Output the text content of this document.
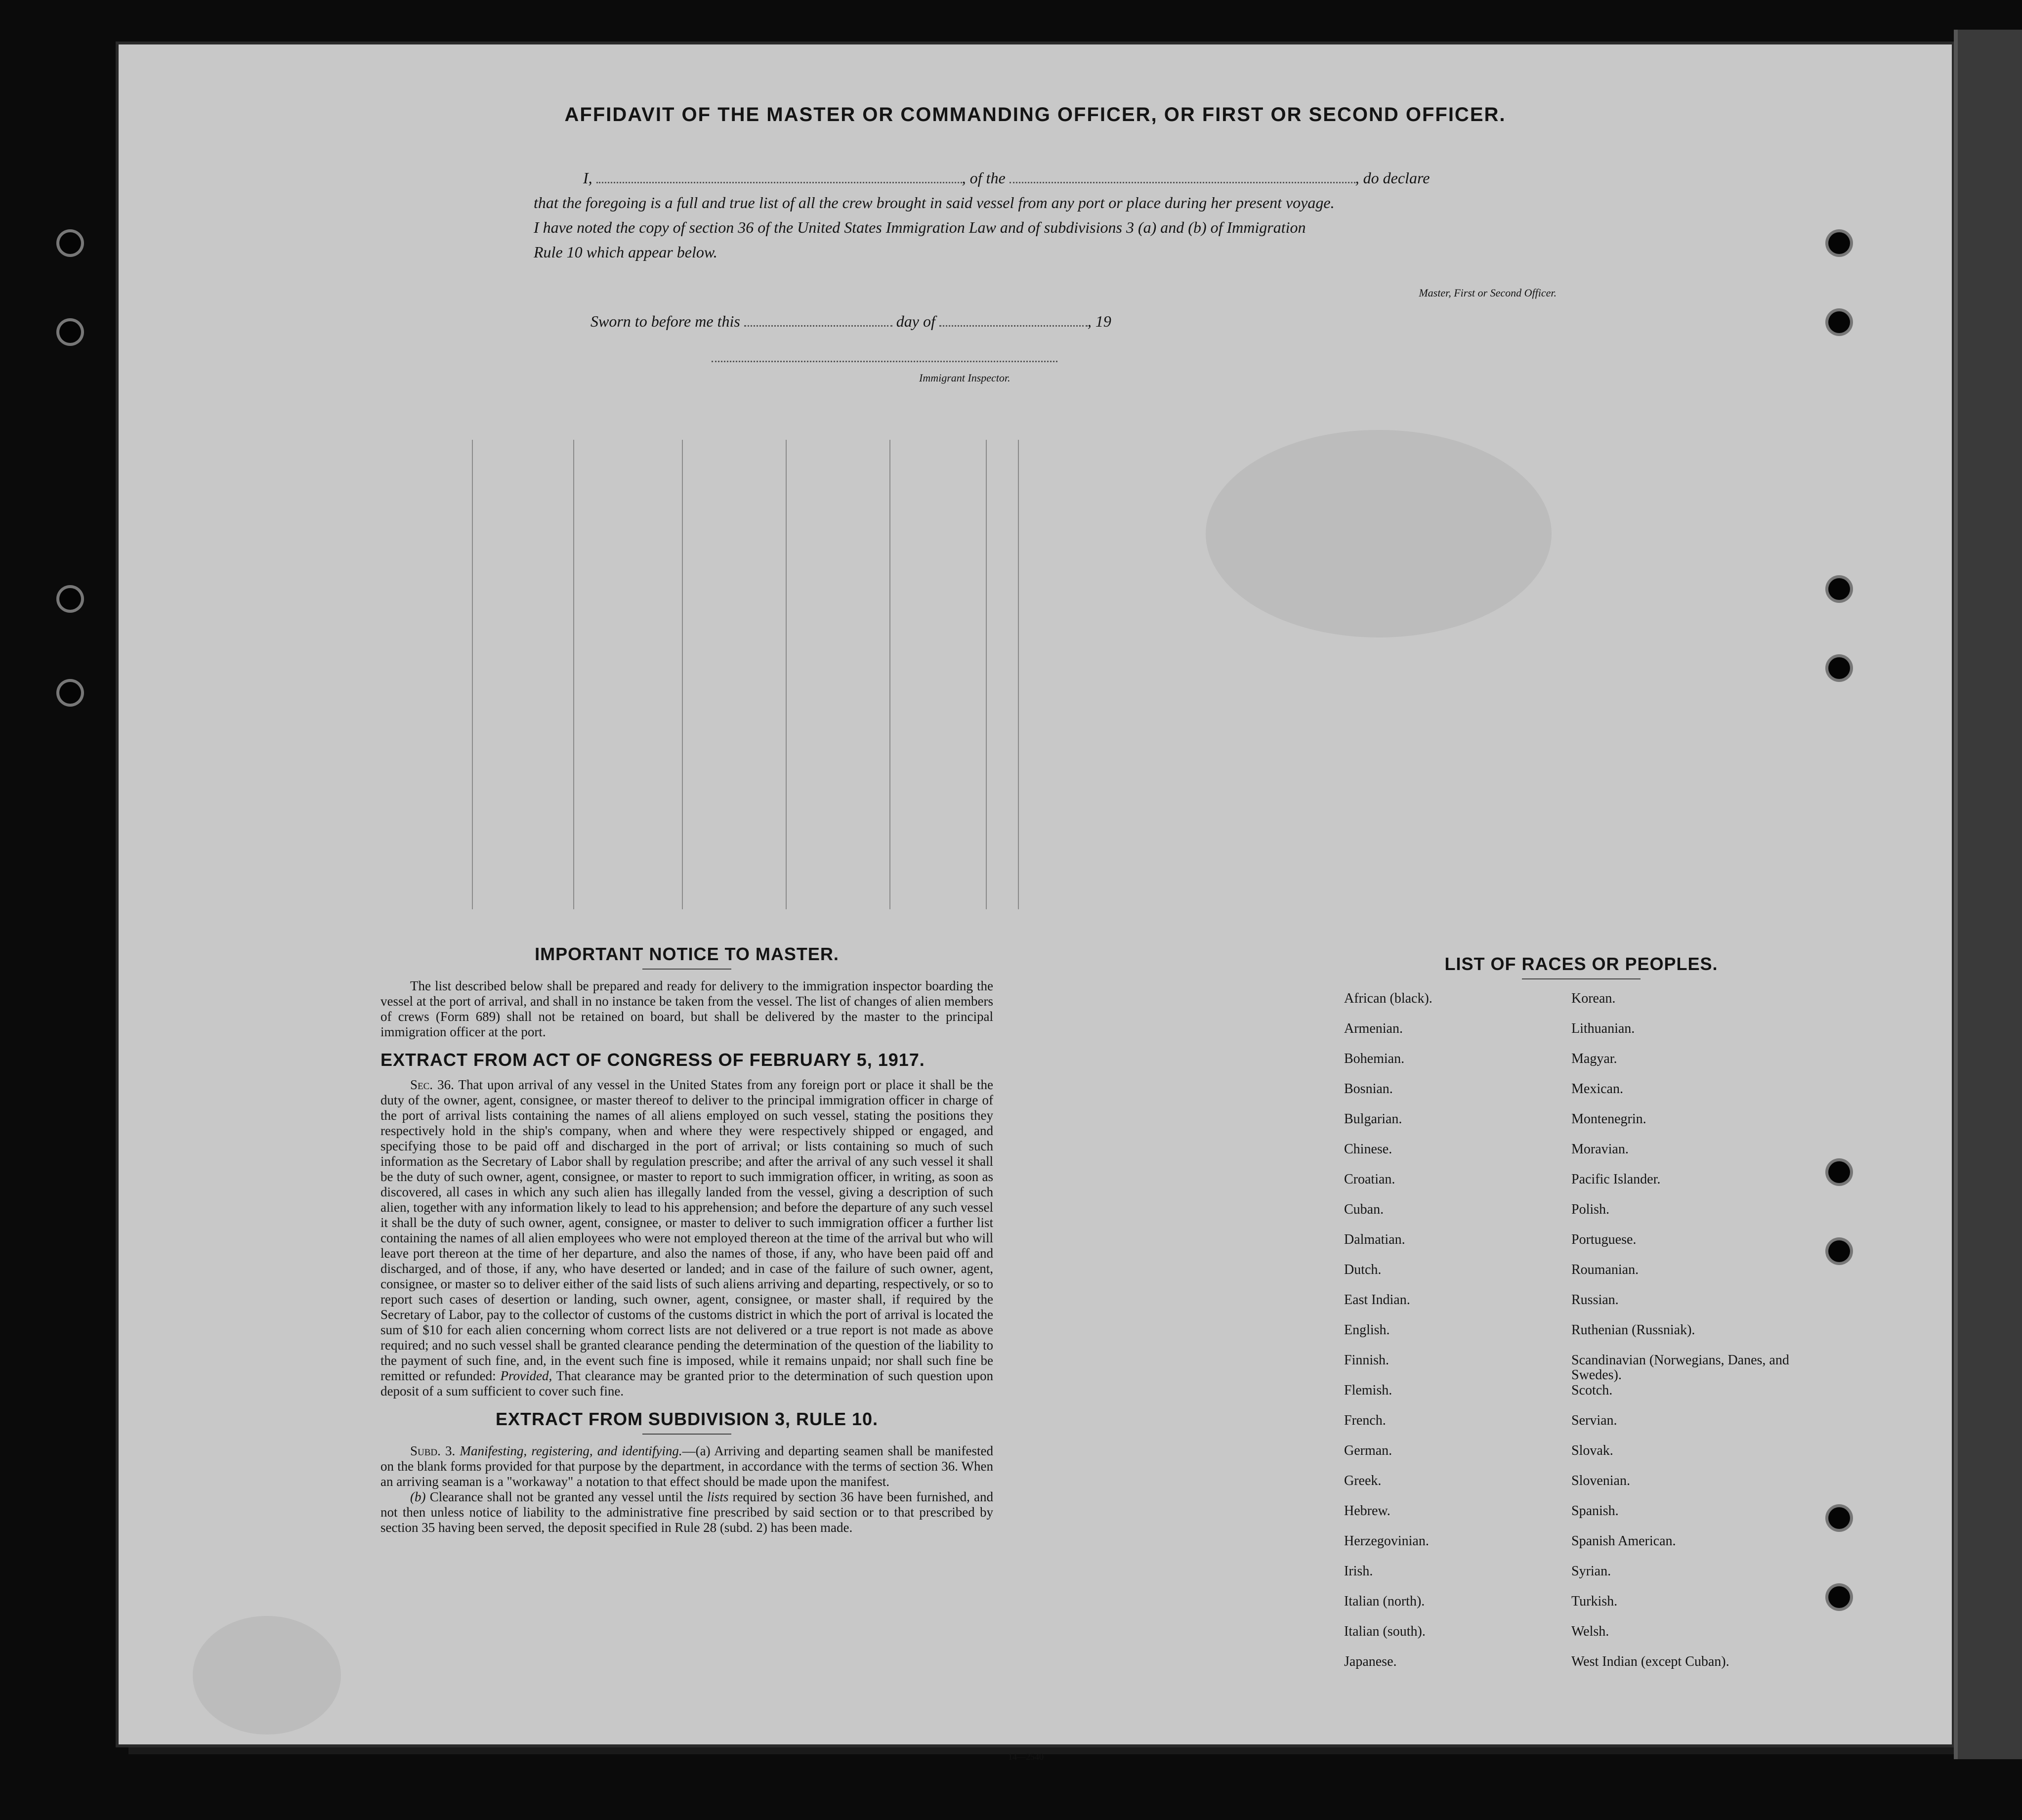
AFFIDAVIT OF THE MASTER OR COMMANDING OFFICER, OR FIRST OR SECOND OFFICER.
I,	, of the	, do declare
that the foregoing is a full and true list of all the crew brought in said vessel from any port or place during her present voyage.
I have noted the copy of section 36 of the United States Immigration Law and of subdivisions 3 (a) and (b) of Immigration
Rule 10 which appear below.
Master, First or Second Officer.
Sworn to before me this	day of	, 19
Immigrant Inspector.
IMPORTANT NOTICE TO MASTER.

The list described below shall be prepared and ready for delivery to the immigration inspector boarding the vessel at the port of arrival, and shall in no instance be taken from the vessel. The list of changes of alien members of crews (Form 689) shall not be retained on board, but shall be delivered by the master to the principal immigration officer at the port.

EXTRACT FROM ACT OF CONGRESS OF FEBRUARY 5, 1917.

Sec. 36. That upon arrival of any vessel in the United States from any foreign port or place it shall be the duty of the owner, agent, consignee, or master thereof to deliver to the principal immigration officer in charge of the port of arrival lists containing the names of all aliens employed on such vessel, stating the positions they respectively hold in the ship's company, when and where they were respectively shipped or engaged, and specifying those to be paid off and discharged in the port of arrival; or lists containing so much of such information as the Secretary of Labor shall by regulation prescribe; and after the arrival of any such vessel it shall be the duty of such owner, agent, consignee, or master to report to such immigration officer, in writing, as soon as discovered, all cases in which any such alien has illegally landed from the vessel, giving a description of such alien, together with any information likely to lead to his apprehension; and before the departure of any such vessel it shall be the duty of such owner, agent, consignee, or master to deliver to such immigration officer a further list containing the names of all alien employees who were not employed thereon at the time of the arrival but who will leave port thereon at the time of her departure, and also the names of those, if any, who have been paid off and discharged, and of those, if any, who have deserted or landed; and in case of the failure of such owner, agent, consignee, or master so to deliver either of the said lists of such aliens arriving and departing, respectively, or so to report such cases of desertion or landing, such owner, agent, consignee, or master shall, if required by the Secretary of Labor, pay to the collector of customs of the customs district in which the port of arrival is located the sum of $10 for each alien concerning whom correct lists are not delivered or a true report is not made as above required; and no such vessel shall be granted clearance pending the determination of the question of the liability to the payment of such fine, and, in the event such fine is imposed, while it remains unpaid; nor shall such fine be remitted or refunded: Provided, That clearance may be granted prior to the determination of such question upon deposit of a sum sufficient to cover such fine.

EXTRACT FROM SUBDIVISION 3, RULE 10.

Subd. 3. Manifesting, registering, and identifying.—(a) Arriving and departing seamen shall be manifested on the blank forms provided for that purpose by the department, in accordance with the terms of section 36. When an arriving seaman is a "workaway" a notation to that effect should be made upon the manifest.

(b) Clearance shall not be granted any vessel until the lists required by section 36 have been furnished, and not then unless notice of liability to the administrative fine prescribed by said section or to that prescribed by section 35 having been served, the deposit specified in Rule 28 (subd. 2) has been made.

14—2540
LIST OF RACES OR PEOPLES.
African (black).	Korean.
Armenian.	Lithuanian.
Bohemian.	Magyar.
Bosnian.	Mexican.
Bulgarian.	Montenegrin.
Chinese.	Moravian.
Croatian.	Pacific Islander.
Cuban.	Polish.
Dalmatian.	Portuguese.
Dutch.	Roumanian.
East Indian.	Russian.
English.	Ruthenian (Russniak).
Finnish.	Scandinavian (Norwegians, Danes, and Swedes).
Flemish.	Scotch.
French.	Servian.
German.	Slovak.
Greek.	Slovenian.
Hebrew.	Spanish.
Herzegovinian.	Spanish American.
Irish.	Syrian.
Italian (north).	Turkish.
Italian (south).	Welsh.
Japanese.	West Indian (except Cuban).
